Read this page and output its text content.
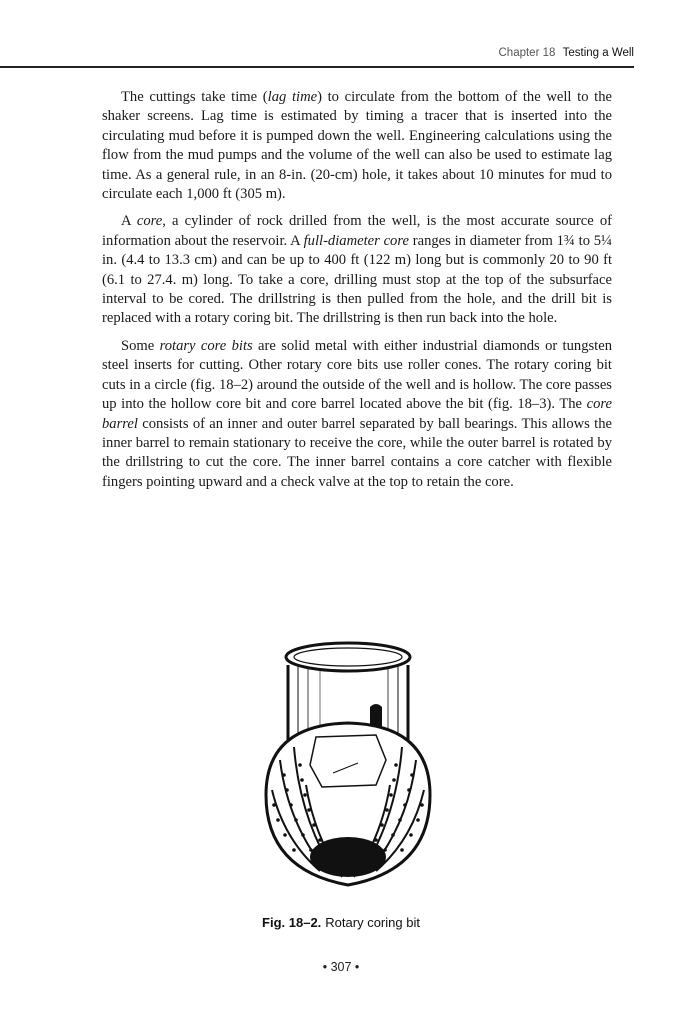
Chapter 18 Testing a Well

The cuttings take time (lag time) to circulate from the bottom of the well to the shaker screens. Lag time is estimated by timing a tracer that is inserted into the circulating mud before it is pumped down the well. Engineering calculations using the flow from the mud pumps and the volume of the well can also be used to estimate lag time. As a general rule, in an 8-in. (20-cm) hole, it takes about 10 minutes for mud to circulate each 1,000 ft (305 m).

A core, a cylinder of rock drilled from the well, is the most accurate source of information about the reservoir. A full-diameter core ranges in diameter from 1¾ to 5¼ in. (4.4 to 13.3 cm) and can be up to 400 ft (122 m) long but is commonly 20 to 90 ft (6.1 to 27.4. m) long. To take a core, drilling must stop at the top of the subsurface interval to be cored. The drillstring is then pulled from the hole, and the drill bit is replaced with a rotary coring bit. The drillstring is then run back into the hole.

Some rotary core bits are solid metal with either industrial diamonds or tungsten steel inserts for cutting. Other rotary core bits use roller cones. The rotary coring bit cuts in a circle (fig. 18–2) around the outside of the well and is hollow. The core passes up into the hollow core bit and core barrel located above the bit (fig. 18–3). The core barrel consists of an inner and outer barrel separated by ball bearings. This allows the inner barrel to remain stationary to receive the core, while the outer barrel is rotated by the drillstring to cut the core. The inner barrel contains a core catcher with flexible fingers pointing upward and a check valve at the top to retain the core.

Fig. 18–2. Rotary coring bit
• 307 •
